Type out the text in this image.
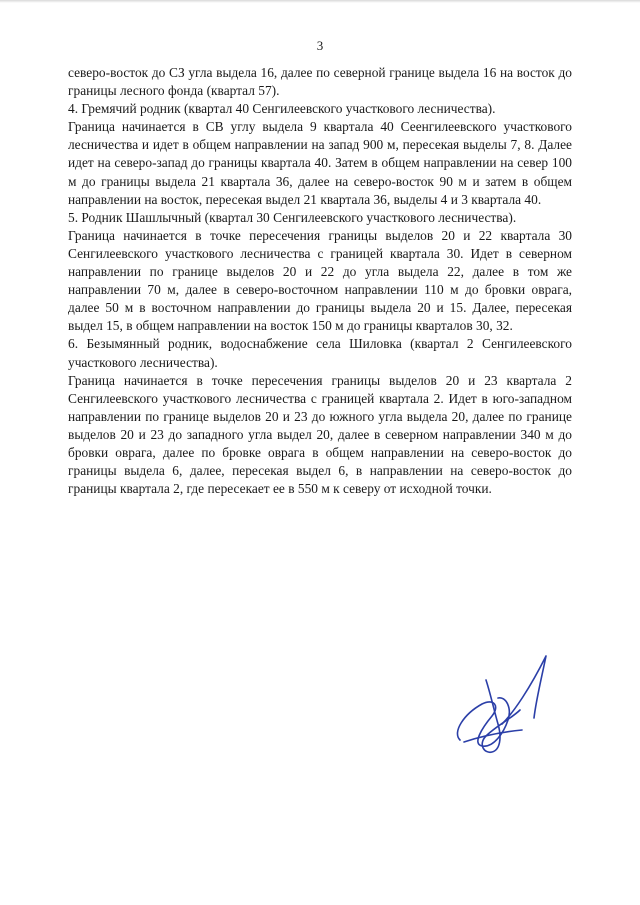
3

северо-восток до СЗ угла выдела 16, далее по северной границе выдела 16 на восток до границы лесного фонда (квартал 57).

4. Гремячий родник (квартал 40 Сенгилеевского участкового лесничества).

Граница начинается в СВ углу выдела 9 квартала 40 Сеенгилеевского участкового лесничества и идет в общем направлении на запад 900 м, пересекая выделы 7, 8. Далее идет на северо-запад до границы квартала 40. Затем в общем направлении на север 100 м до границы выдела 21 квартала 36, далее на северо-восток 90 м и затем в общем направлении на восток, пересекая выдел 21 квартала 36, выделы 4 и 3 квартала 40.

5. Родник Шашлычный (квартал 30 Сенгилеевского участкового лесничества).

Граница начинается в точке пересечения границы выделов 20 и 22 квартала 30 Сенгилеевского участкового лесничества с границей квартала 30. Идет в северном направлении по границе выделов 20 и 22 до угла выдела 22, далее в том же направлении 70 м, далее в северо-восточном направлении 110 м до бровки оврага, далее 50 м в восточном направлении до границы выдела 20 и 15. Далее, пересекая выдел 15, в общем направлении на восток 150 м до границы кварталов 30, 32.

6. Безымянный родник, водоснабжение села Шиловка (квартал 2 Сенгилеевского участкового лесничества).

Граница начинается в точке пересечения границы выделов 20 и 23 квартала 2 Сенгилеевского участкового лесничества с границей квартала 2. Идет в юго-западном направлении по границе выделов 20 и 23 до южного угла выдела 20, далее по границе выделов 20 и 23 до западного угла выдел 20, далее в северном направлении 340 м до бровки оврага, далее по бровке оврага в общем направлении на северо-восток до границы выдела 6, далее, пересекая выдел 6, в направлении на северо-восток до границы квартала 2, где пересекает ее в 550 м к северу от исходной точки.
